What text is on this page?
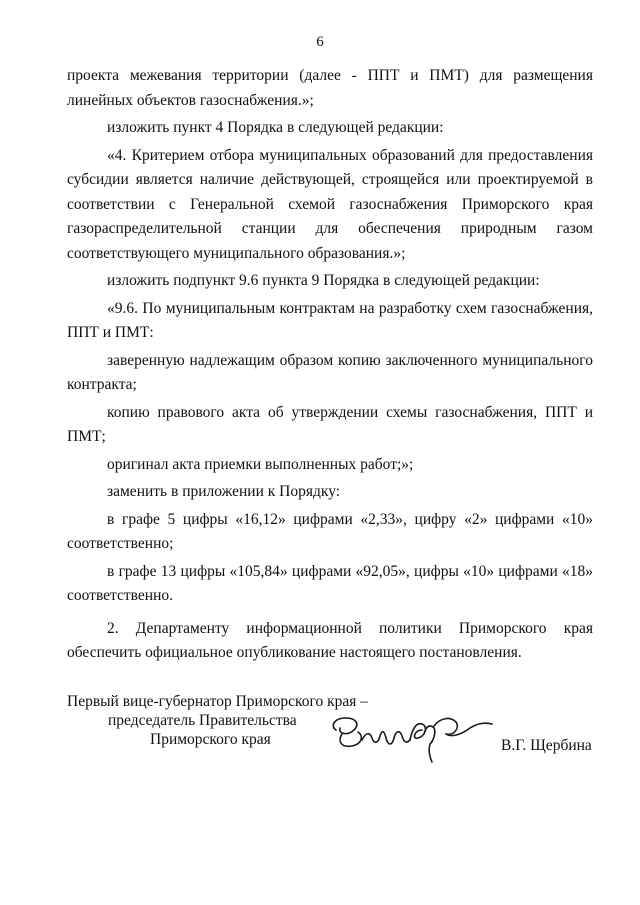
6

проекта межевания территории (далее - ППТ и ПМТ) для размещения линейных объектов газоснабжения.»;

изложить пункт 4 Порядка в следующей редакции:

«4. Критерием отбора муниципальных образований для предоставления субсидии является наличие действующей, строящейся или проектируемой в соответствии с Генеральной схемой газоснабжения Приморского края газораспределительной станции для обеспечения природным газом соответствующего муниципального образования.»;

изложить подпункт 9.6 пункта 9 Порядка в следующей редакции:

«9.6. По муниципальным контрактам на разработку схем газоснабжения, ППТ и ПМТ:

заверенную надлежащим образом копию заключенного муниципального контракта;

копию правового акта об утверждении схемы газоснабжения, ППТ и ПМТ;

оригинал акта приемки выполненных работ;»;

заменить в приложении к Порядку:

в графе 5 цифры «16,12» цифрами «2,33», цифру «2» цифрами «10» соответственно;

в графе 13 цифры «105,84» цифрами «92,05», цифры «10» цифрами «18» соответственно.

2. Департаменту информационной политики Приморского края обеспечить официальное опубликование настоящего постановления.

Первый вице-губернатор Приморского края –
председатель Правительства
Приморского края	В.Г. Щербина
